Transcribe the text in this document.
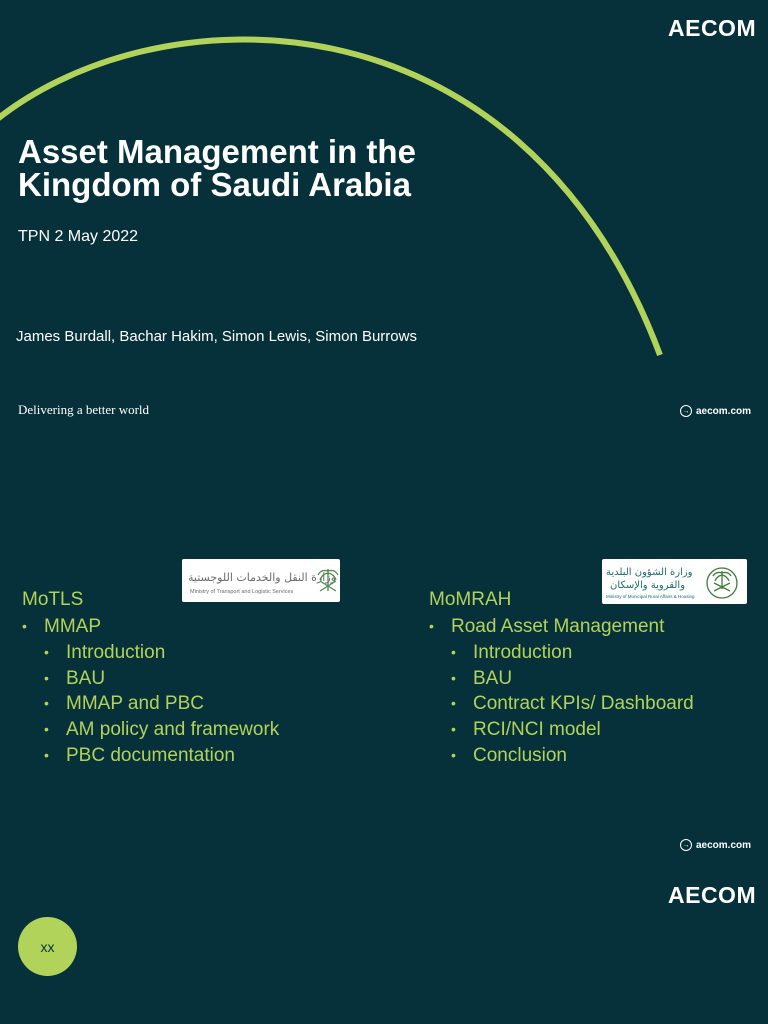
AECOM
Asset Management in the
Kingdom of Saudi Arabia
TPN 2 May 2022
James Burdall, Bachar Hakim, Simon Lewis, Simon Burrows
Delivering a better world	→ aecom.com
وزارة النقل والخدمات اللوجستية
Ministry of Transport and Logistic Services
وزارة الشؤون البلدية
والقروية والإسكان
Ministry of Municipal Rural Affairs & Housing
MoTLS
• MMAP
• Introduction
• BAU
• MMAP and PBC
• AM policy and framework
• PBC documentation
MoMRAH
• Road Asset Management
• Introduction
• BAU
• Contract KPIs/ Dashboard
• RCI/NCI model
• Conclusion
→ aecom.com
AECOM
xx
